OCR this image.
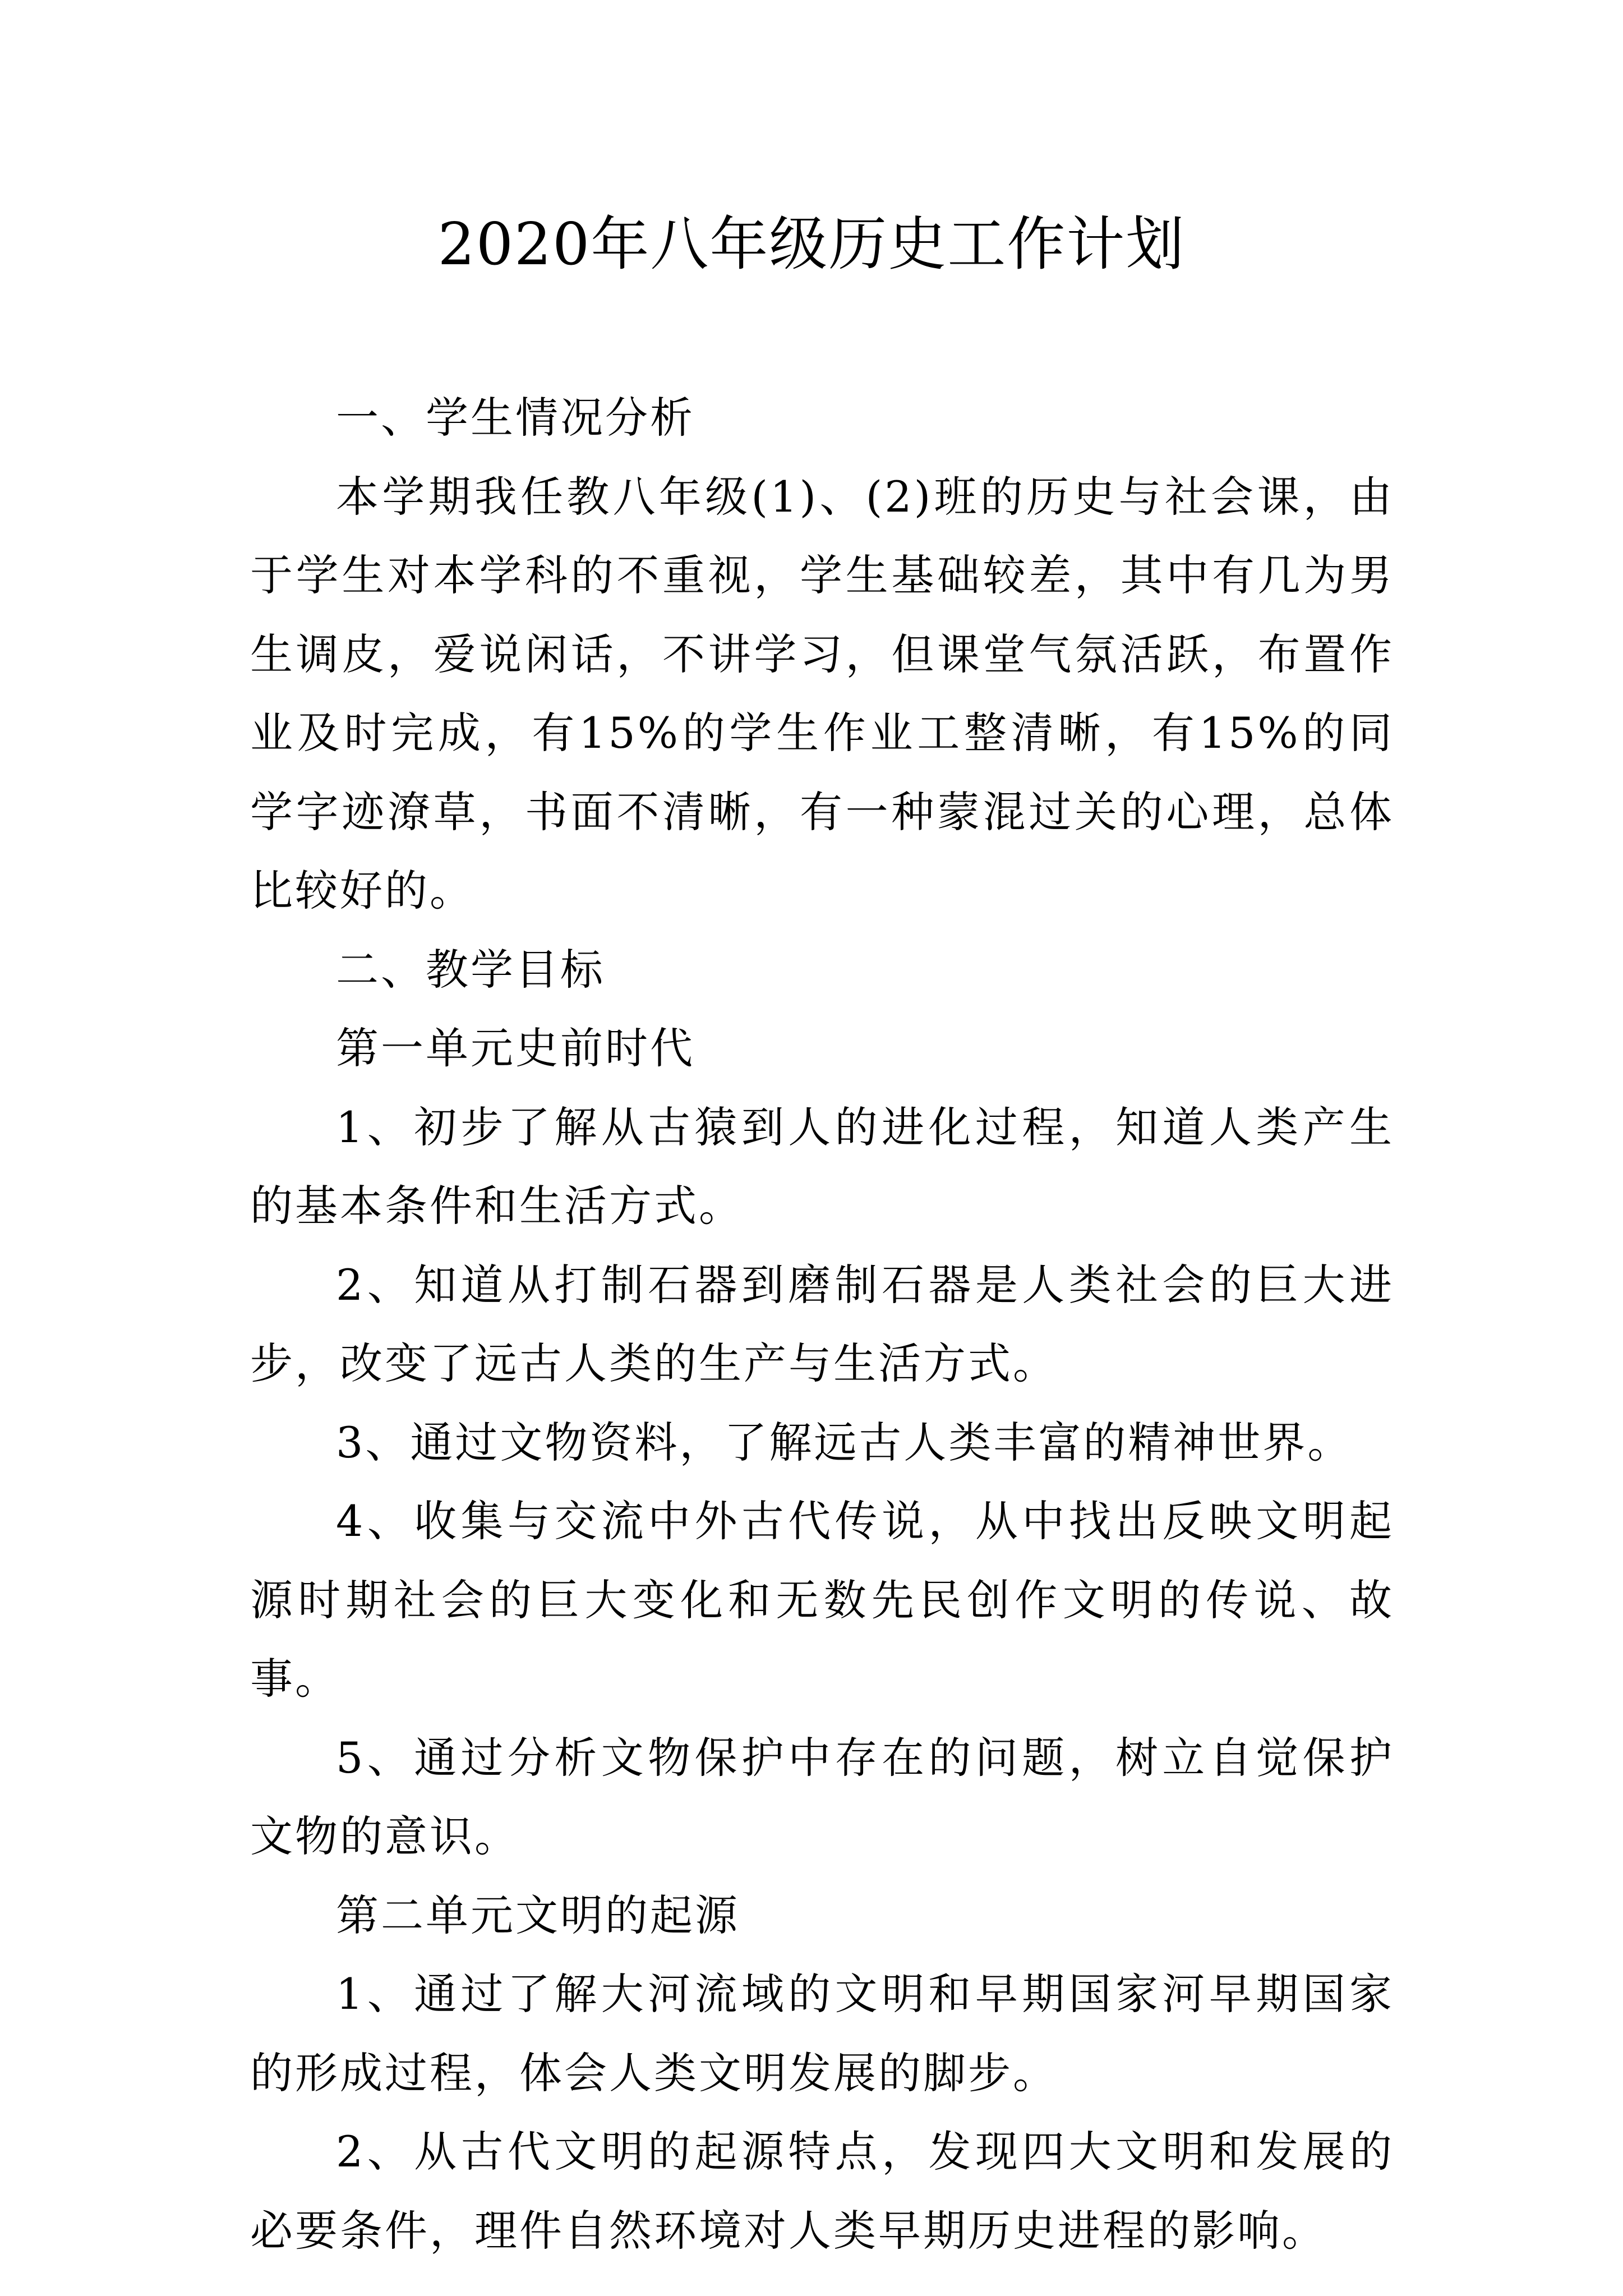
2020年八年级历史工作计划

一、学生情况分析

本学期我任教八年级(1)、(2)班的历史与社会课，由于学生对本学科的不重视，学生基础较差，其中有几为男生调皮，爱说闲话，不讲学习，但课堂气氛活跃，布置作业及时完成，有15%的学生作业工整清晰，有15%的同学字迹潦草，书面不清晰，有一种蒙混过关的心理，总体比较好的。

二、教学目标

第一单元史前时代

1、初步了解从古猿到人的进化过程，知道人类产生的基本条件和生活方式。

2、知道从打制石器到磨制石器是人类社会的巨大进步，改变了远古人类的生产与生活方式。

3、通过文物资料，了解远古人类丰富的精神世界。

4、收集与交流中外古代传说，从中找出反映文明起源时期社会的巨大变化和无数先民创作文明的传说、故事。

5、通过分析文物保护中存在的问题，树立自觉保护文物的意识。

第二单元文明的起源

1、通过了解大河流域的文明和早期国家河早期国家的形成过程，体会人类文明发展的脚步。

2、从古代文明的起源特点，发现四大文明和发展的必要条件，理件自然环境对人类早期历史进程的影响。
